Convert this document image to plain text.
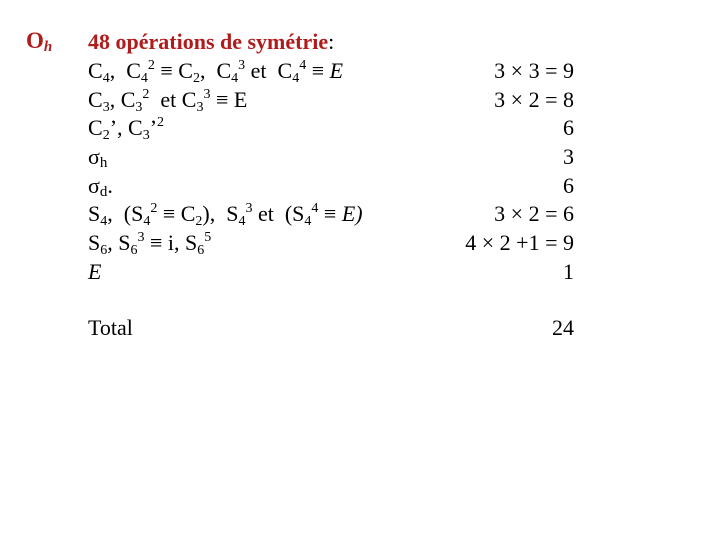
$O_h$ 48 opérations de symétrie:
$C_4$,  $C_4^2 \equiv C_2$,  $C_4^3$ et  $C_4^4 \equiv E$	3 × 3 = 9
$C_3$, $C_3^2$  et $C_3^3 \equiv E$	3 × 2 = 8
$C_2$’, $C_3’^2$	6
σh	3
σd.	6
$S_4$,  $(S_4^2 \equiv C_2)$,  $S_4^3$ et  $(S_4^4 \equiv E)$	3 × 2 = 6
$S_6$, $S_6^3 \equiv i$, $S_6^5$	4 × 2 +1 = 9
E	1
Total	24
